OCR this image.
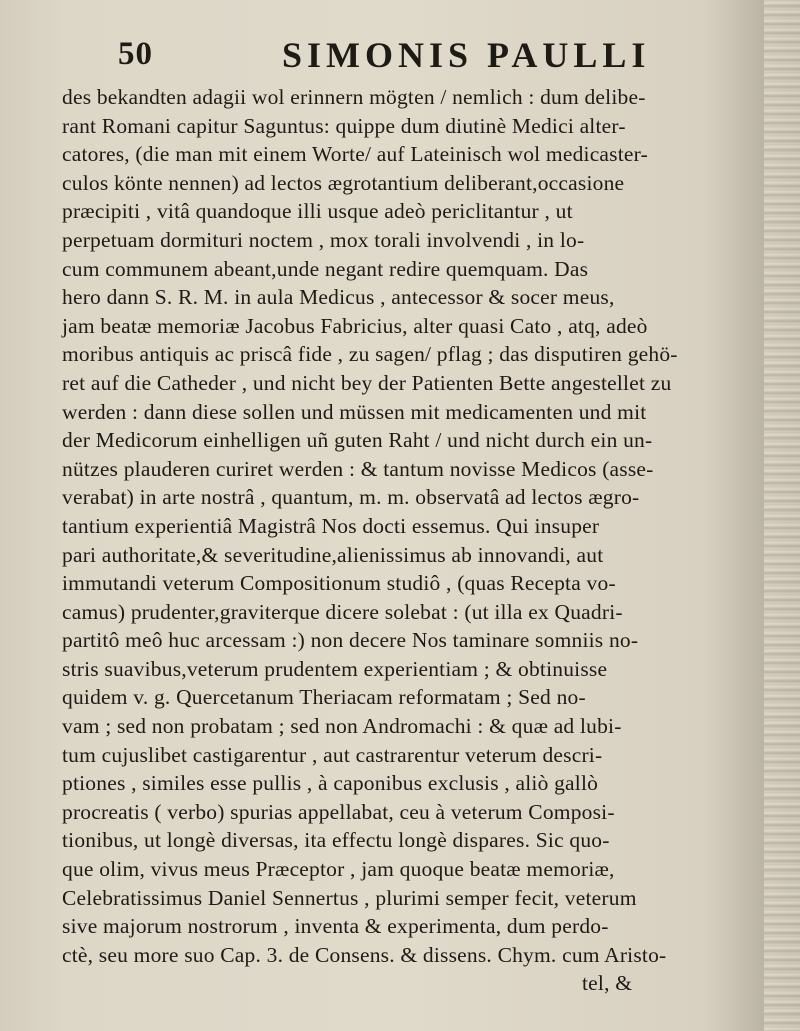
50	SIMONIS PAULLI
des bekandten adagii wol erinnern mögten / nemlich : dum delibe-
rant Romani capitur Saguntus: quippe dum diutinè Medici alter-
catores, (die man mit einem Worte/ auf Lateinisch wol medicaster-
culos könte nennen) ad lectos ægrotantium deliberant,occasione
præcipiti , vitâ quandoque illi usque adeò periclitantur , ut
perpetuam dormituri noctem , mox torali involvendi , in lo-
cum communem abeant,unde negant redire quemquam. Das
hero dann S. R. M. in aula Medicus , antecessor & socer meus,
jam beatæ memoriæ Jacobus Fabricius, alter quasi Cato , atq, adeò
moribus antiquis ac priscâ fide , zu sagen/ pflag ; das disputiren gehö-
ret auf die Catheder , und nicht bey der Patienten Bette angestellet zu
werden : dann diese sollen und müssen mit medicamenten und mit
der Medicorum einhelligen uñ guten Raht / und nicht durch ein un-
nützes plauderen curiret werden : & tantum novisse Medicos (asse-
verabat) in arte nostrâ , quantum, m. m. observatâ ad lectos ægro-
tantium experientiâ Magistrâ Nos docti essemus. Qui insuper
pari authoritate,& severitudine,alienissimus ab innovandi, aut
immutandi veterum Compositionum studiô , (quas Recepta vo-
camus) prudenter,graviterque dicere solebat : (ut illa ex Quadri-
partitô meô huc arcessam :) non decere Nos taminare somniis no-
stris suavibus,veterum prudentem experientiam ; & obtinuisse
quidem v. g. Quercetanum Theriacam reformatam ; Sed no-
vam ; sed non probatam ; sed non Andromachi : & quæ ad lubi-
tum cujuslibet castigarentur , aut castrarentur veterum descri-
ptiones , similes esse pullis , à caponibus exclusis , aliò gallò
procreatis ( verbo) spurias appellabat, ceu à veterum Composi-
tionibus, ut longè diversas, ita effectu longè dispares. Sic quo-
que olim, vivus meus Præceptor , jam quoque beatæ memoriæ,
Celebratissimus Daniel Sennertus , plurimi semper fecit, veterum
sive majorum nostrorum , inventa & experimenta, dum perdo-
ctè, seu more suo Cap. 3. de Consens. & dissens. Chym. cum Aristo-
tel, &
